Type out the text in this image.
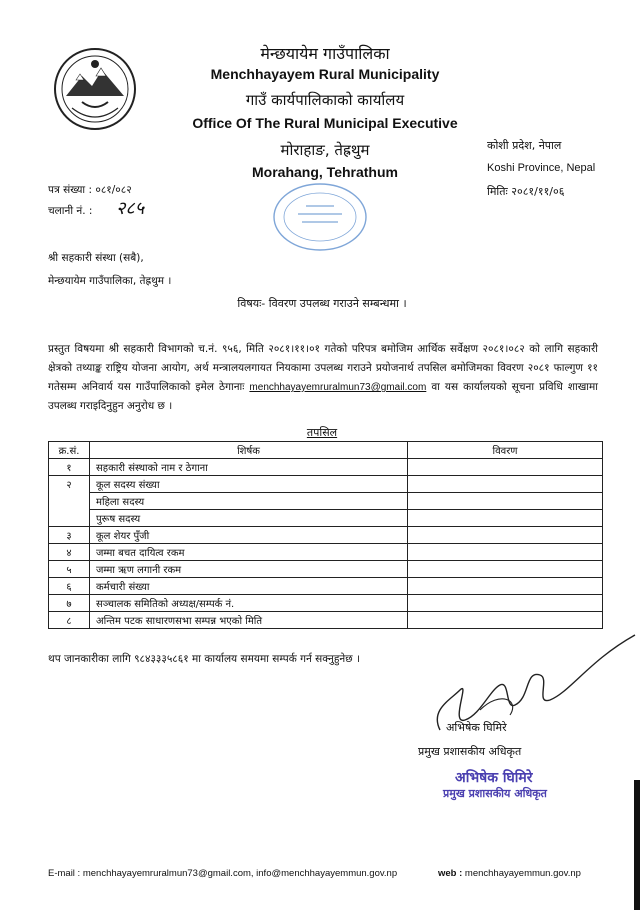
मेन्छयायेम गाउँपालिका
Menchhayayem Rural Municipality
गाउँ कार्यपालिकाको कार्यालय
Office Of The Rural Municipal Executive
मोराहाङ, तेह्रथुम
Morahang, Tehrathum
कोशी प्रदेश, नेपाल
Koshi Province, Nepal
मितिः २०८१/११/०६
पत्र संख्या : ०८१/०८२
चलानी नं. : २८५
श्री सहकारी संस्था (सबै),
मेन्छयायेम गाउँपालिका, तेह्रथुम ।
विषयः- विवरण उपलब्ध गराउने सम्बन्धमा ।
प्रस्तुत विषयमा श्री सहकारी विभागको च.नं. ९५६, मिति २०८१।११।०१ गतेको परिपत्र बमोजिम आर्थिक सर्वेक्षण २०८१।०८२ को लागि सहकारी क्षेत्रको तथ्याङ्क राष्ट्रिय योजना आयोग, अर्थ मन्त्रालयलगायत नियकामा उपलब्ध गराउने प्रयोजनार्थ तपसिल बमोजिमका विवरण २०८१ फाल्गुण ११ गतेसम्म अनिवार्य यस गाउँपालिकाको इमेल ठेगानाः menchhayayemruralmun73@gmail.com वा यस कार्यालयको सूचना प्रविधि शाखामा उपलब्ध गराइदिनुहुन अनुरोध छ ।
तपसिल
क्र.सं.	शिर्षक	विवरण
१	सहकारी संस्थाको नाम र ठेगाना	
२	कूल सदस्य संख्या	
	महिला सदस्य	
	पुरूष सदस्य	
३	कूल शेयर पुँजी	
४	जम्मा बचत दायित्व रकम	
५	जम्मा ऋण लगानी रकम	
६	कर्मचारी संख्या	
७	सञ्चालक समितिको अध्यक्ष/सम्पर्क नं.	
८	अन्तिम पटक साधारणसभा सम्पन्न भएको मिति	
थप जानकारीका लागि ९८४३३३५८६१ मा कार्यालय समयमा सम्पर्क गर्न सक्नुहुनेछ ।
अभिषेक घिमिरे
प्रमुख प्रशासकीय अधिकृत
अभिषेक घिमिरे
प्रमुख प्रशासकीय अधिकृत
E-mail : menchhayayemruralmun73@gmail.com, info@menchhayayemmun.gov.np	web : menchhayayemmun.gov.np
